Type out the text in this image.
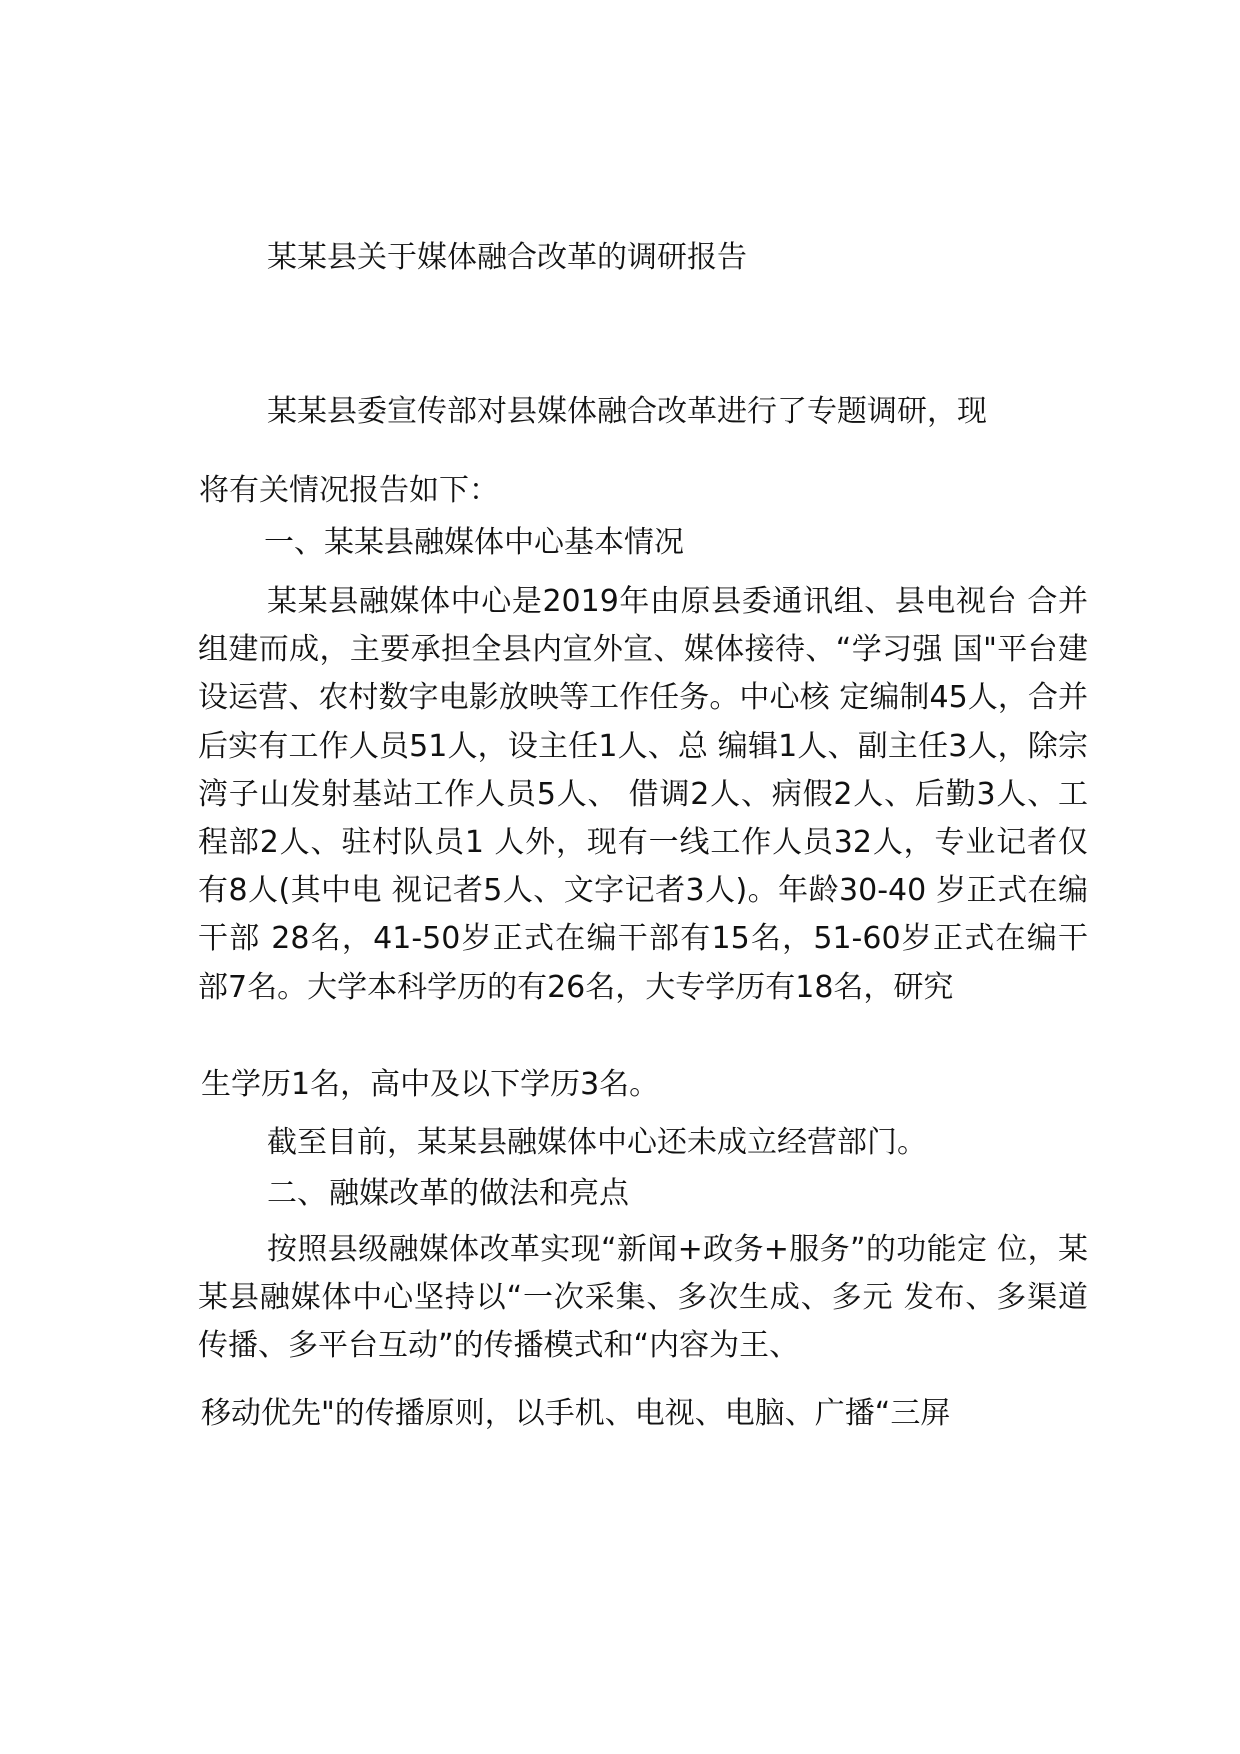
某某县关于媒体融合改革的调研报告
某某县委宣传部对县媒体融合改革进行了专题调研，现
将有关情况报告如下：
一、某某县融媒体中心基本情况
某某县融媒体中心是2019年由原县委通讯组、县电视台 合并组建而成，主要承担全县内宣外宣、媒体接待、“学习强 国"平台建设运营、农村数字电影放映等工作任务。中心核 定编制45人，合并后实有工作人员51人，设主任1人、总 编辑1人、副主任3人，除宗湾子山发射基站工作人员5人、 借调2人、病假2人、后勤3人、工程部2人、驻村队员1 人外，现有一线工作人员32人，专业记者仅有8人(其中电 视记者5人、文字记者3人)。年龄30-40 岁正式在编干部 28名，41-50岁正式在编干部有15名，51-60岁正式在编干 部7名。大学本科学历的有26名，大专学历有18名，研究
生学历1名，高中及以下学历3名。
截至目前，某某县融媒体中心还未成立经营部门。
二、融媒改革的做法和亮点
按照县级融媒体改革实现“新闻+政务+服务”的功能定 位，某某县融媒体中心坚持以“一次采集、多次生成、多元 发布、多渠道传播、多平台互动”的传播模式和“内容为王、
移动优先"的传播原则，以手机、电视、电脑、广播“三屏
